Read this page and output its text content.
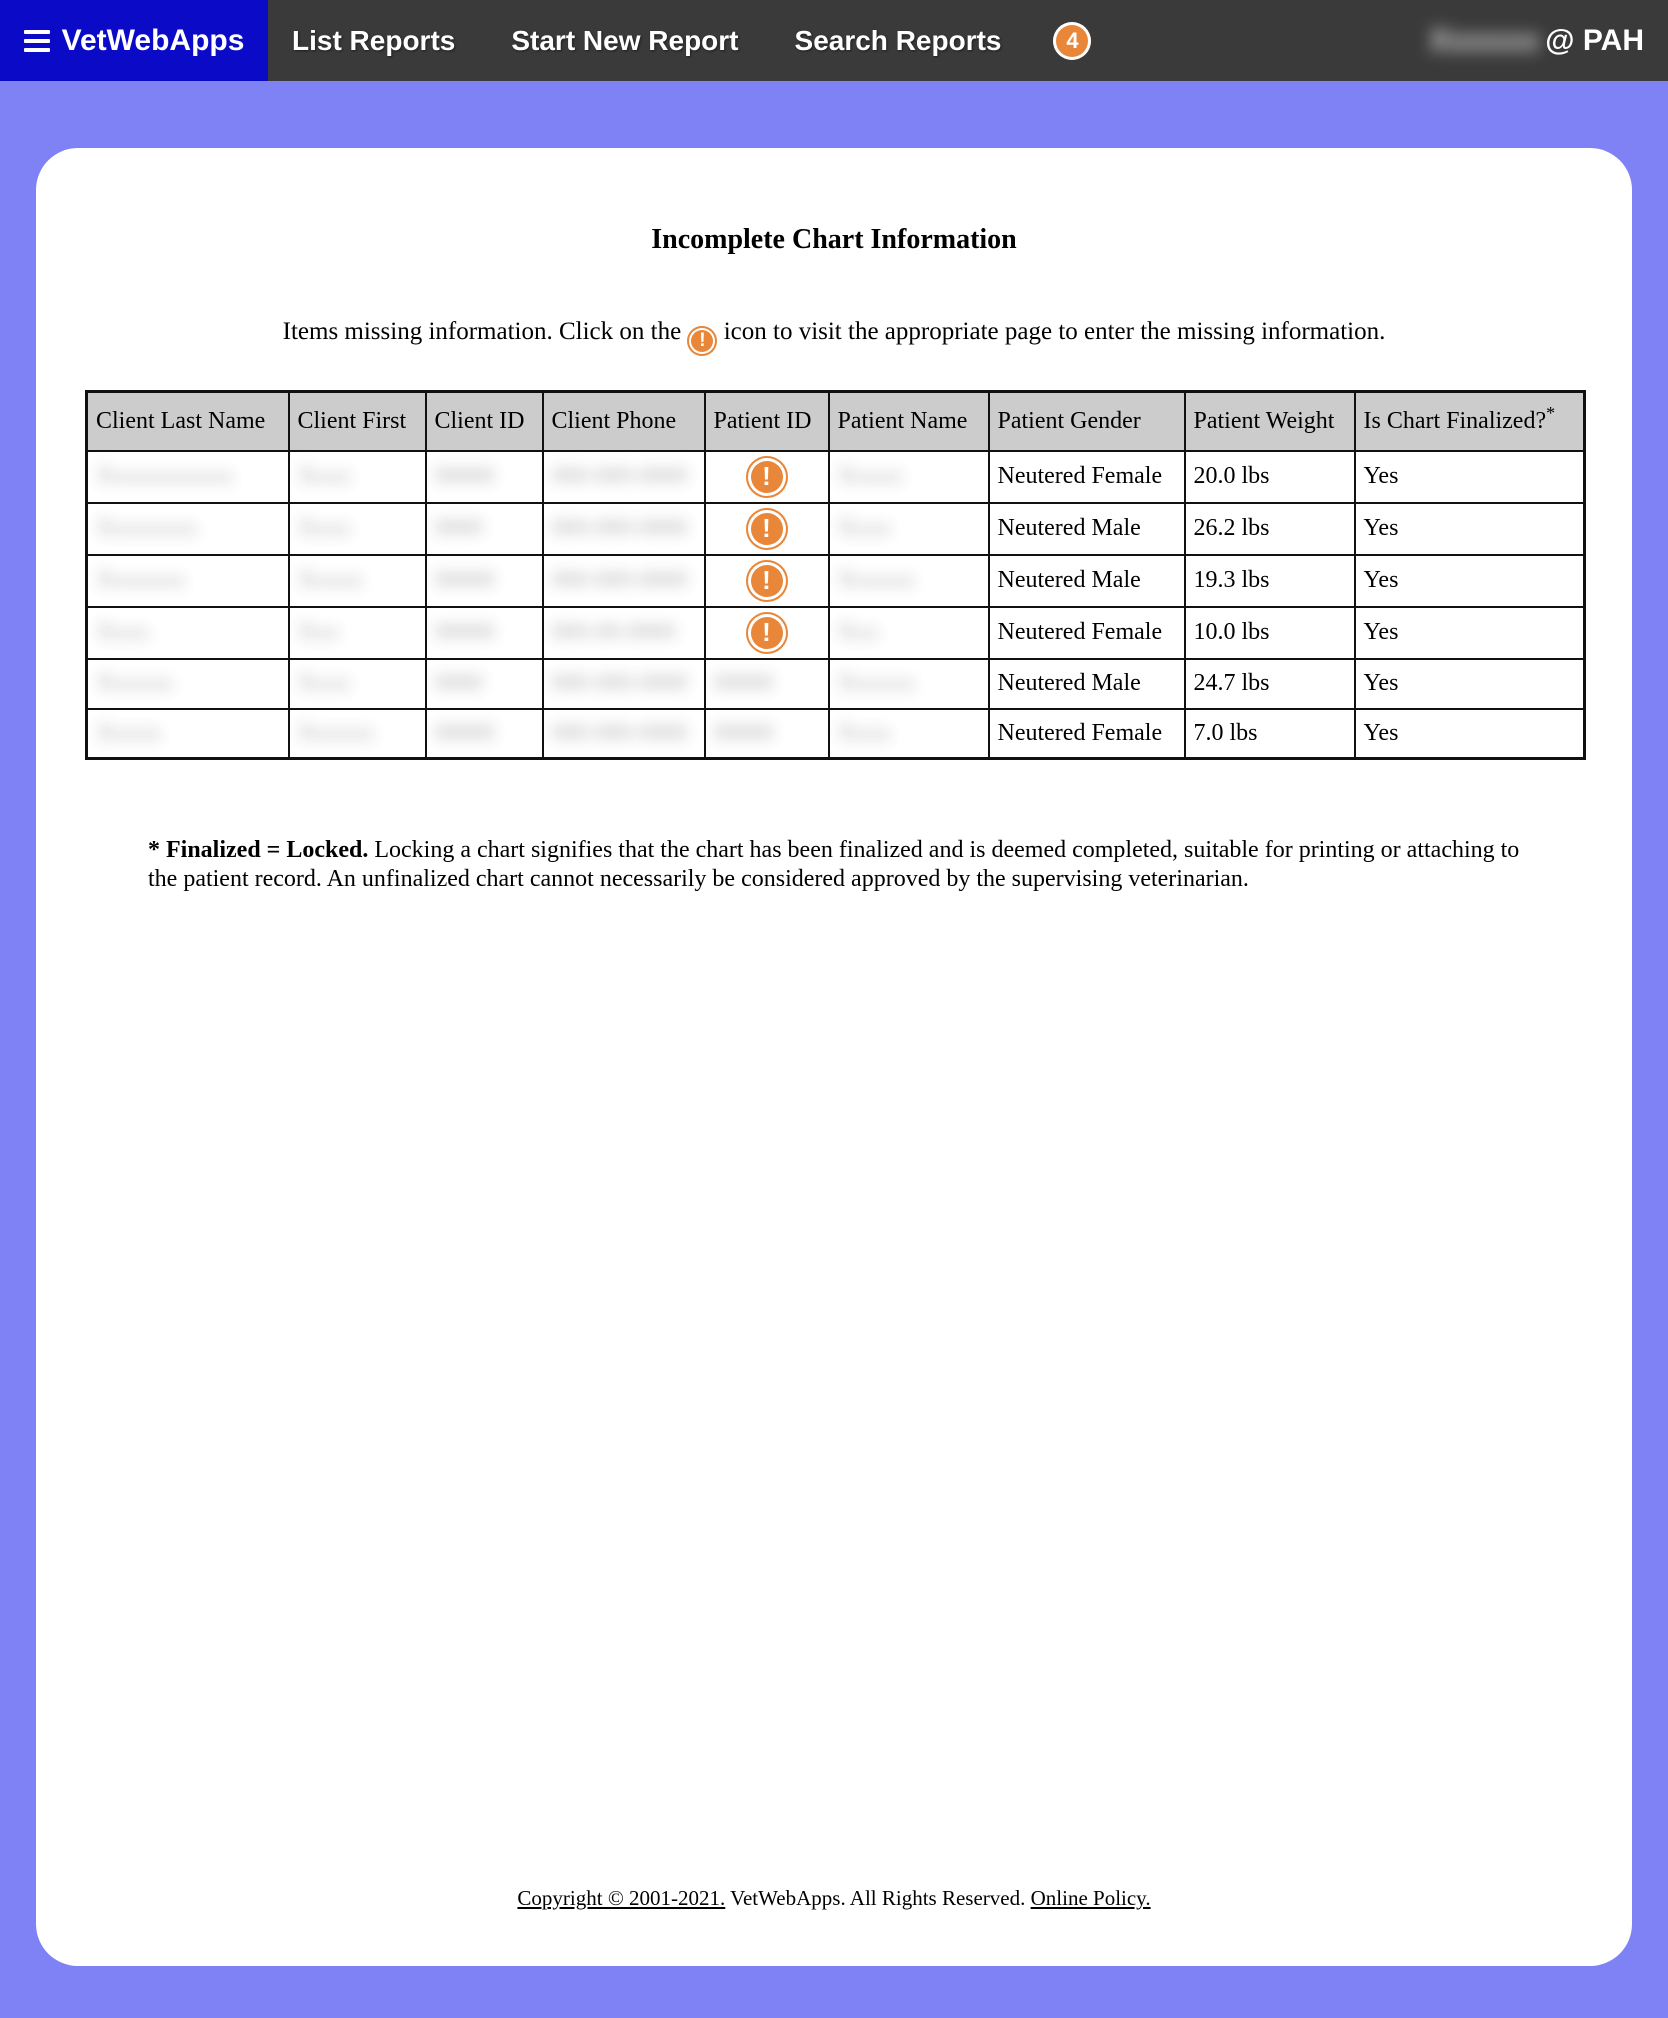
VetWebApps List Reports Start New Report Search Reports	4	Xxxxxx @ PAH
Incomplete Chart Information
Items missing information. Click on the ! icon to visit the appropriate page to enter the missing information.
Client Last Name	Client First	Client ID	Client Phone	Patient ID	Patient Name	Patient Gender	Patient Weight	Is Chart Finalized?*
Xxxxxxxxxxx	Xxxx	00000	000-000-0000	!	Xxxxx	Neutered Female	20.0 lbs	Yes
Xxxxxxxx	Xxxx	0000	000-000-0000	!	Xxxx	Neutered Male	26.2 lbs	Yes
Xxxxxxx	Xxxxx	00000	000-000-0000	!	Xxxxxx	Neutered Male	19.3 lbs	Yes
Xxxx	Xxx	00000	000-00-0000	!	Xxx	Neutered Female	10.0 lbs	Yes
Xxxxxx	Xxxx	0000	000-000-0000	00000	Xxxxxx	Neutered Male	24.7 lbs	Yes
Xxxxx	Xxxxxx	00000	000-000-0000	00000	Xxxx	Neutered Female	7.0 lbs	Yes
* Finalized = Locked. Locking a chart signifies that the chart has been finalized and is deemed completed, suitable for printing or attaching to the patient record. An unfinalized chart cannot necessarily be considered approved by the supervising veterinarian.
Copyright © 2001-2021. VetWebApps. All Rights Reserved. Online Policy.
